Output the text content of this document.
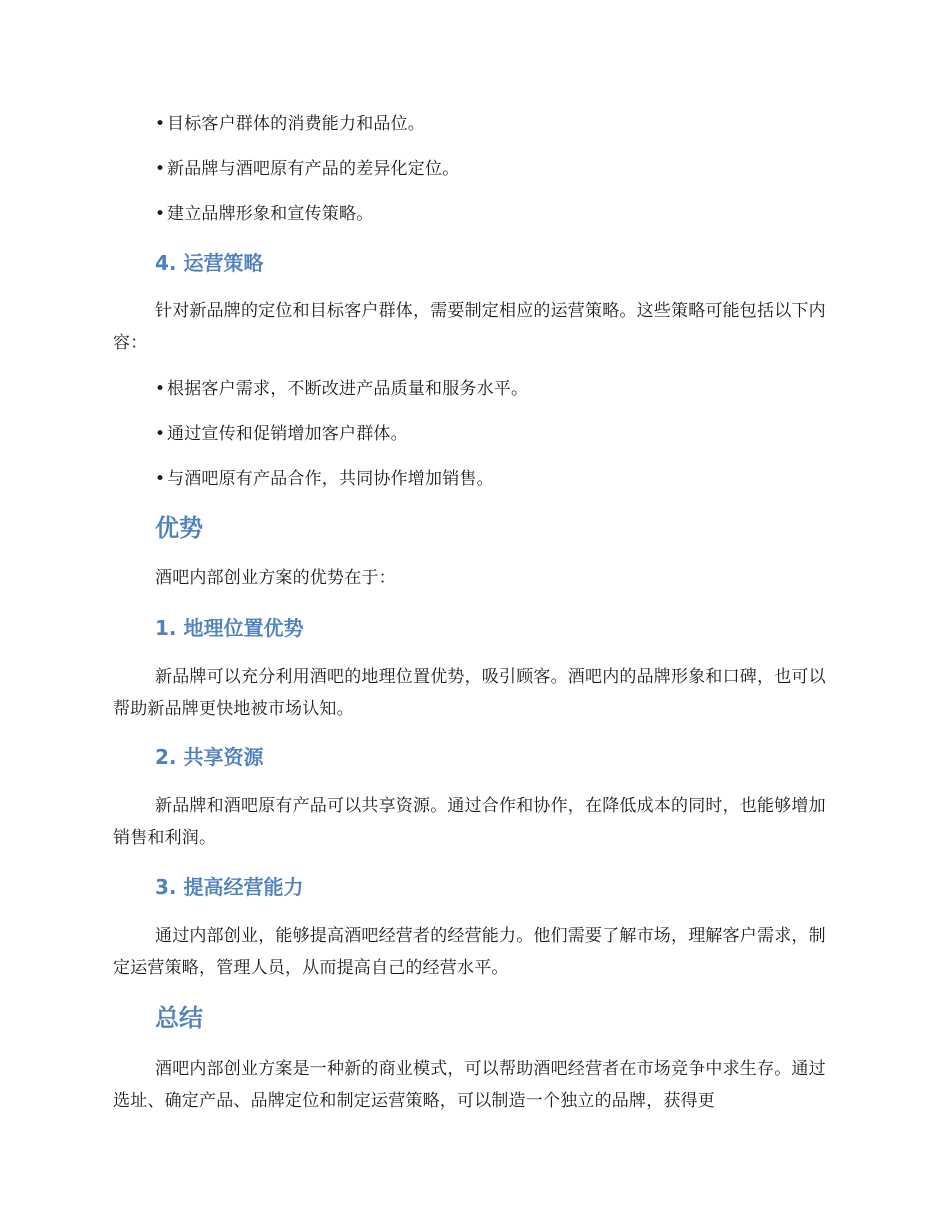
• 目标客户群体的消费能力和品位。
• 新品牌与酒吧原有产品的差异化定位。
• 建立品牌形象和宣传策略。
4. 运营策略
针对新品牌的定位和目标客户群体，需要制定相应的运营策略。这些策略可能包括以下内容：
• 根据客户需求，不断改进产品质量和服务水平。
• 通过宣传和促销增加客户群体。
• 与酒吧原有产品合作，共同协作增加销售。
优势
酒吧内部创业方案的优势在于：
1. 地理位置优势
新品牌可以充分利用酒吧的地理位置优势，吸引顾客。酒吧内的品牌形象和口碑，也可以帮助新品牌更快地被市场认知。
2. 共享资源
新品牌和酒吧原有产品可以共享资源。通过合作和协作，在降低成本的同时，也能够增加销售和利润。
3. 提高经营能力
通过内部创业，能够提高酒吧经营者的经营能力。他们需要了解市场，理解客户需求，制定运营策略，管理人员，从而提高自己的经营水平。
总结
酒吧内部创业方案是一种新的商业模式，可以帮助酒吧经营者在市场竞争中求生存。通过选址、确定产品、品牌定位和制定运营策略，可以制造一个独立的品牌，获得更
